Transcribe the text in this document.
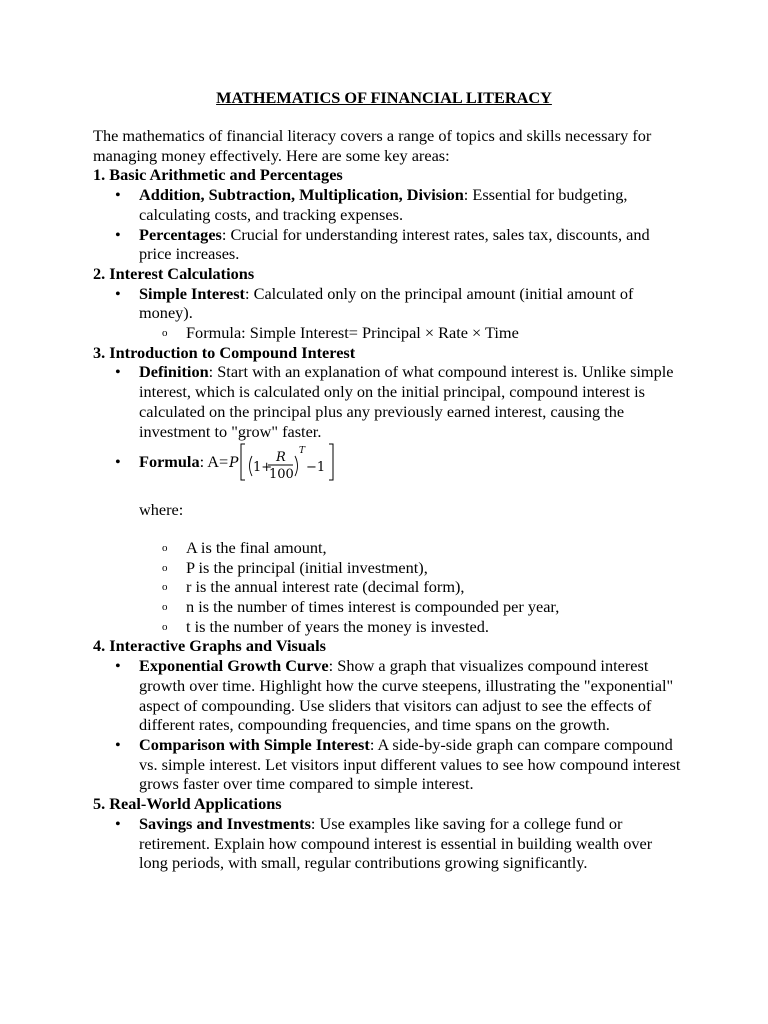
MATHEMATICS OF FINANCIAL LITERACY

The mathematics of financial literacy covers a range of topics and skills necessary for managing money effectively. Here are some key areas:

1. Basic Arithmetic and Percentages

• Addition, Subtraction, Multiplication, Division: Essential for budgeting, calculating costs, and tracking expenses.
• Percentages: Crucial for understanding interest rates, sales tax, discounts, and price increases.

2. Interest Calculations

• Simple Interest: Calculated only on the principal amount (initial amount of money).
o Formula: Simple Interest= Principal × Rate × Time

3. Introduction to Compound Interest

• Definition: Start with an explanation of what compound interest is. Unlike simple interest, which is calculated only on the initial principal, compound interest is calculated on the principal plus any previously earned interest, causing the investment to "grow" faster.
• Formula : A= P 1+
R
100
T
−1

where:

o A is the final amount,
o P is the principal (initial investment),
o r is the annual interest rate (decimal form),
o n is the number of times interest is compounded per year,
o t is the number of years the money is invested.

4. Interactive Graphs and Visuals

• Exponential Growth Curve: Show a graph that visualizes compound interest growth over time. Highlight how the curve steepens, illustrating the "exponential" aspect of compounding. Use sliders that visitors can adjust to see the effects of different rates, compounding frequencies, and time spans on the growth.
• Comparison with Simple Interest: A side-by-side graph can compare compound vs. simple interest. Let visitors input different values to see how compound interest grows faster over time compared to simple interest.

5. Real-World Applications

• Savings and Investments: Use examples like saving for a college fund or retirement. Explain how compound interest is essential in building wealth over long periods, with small, regular contributions growing significantly.
